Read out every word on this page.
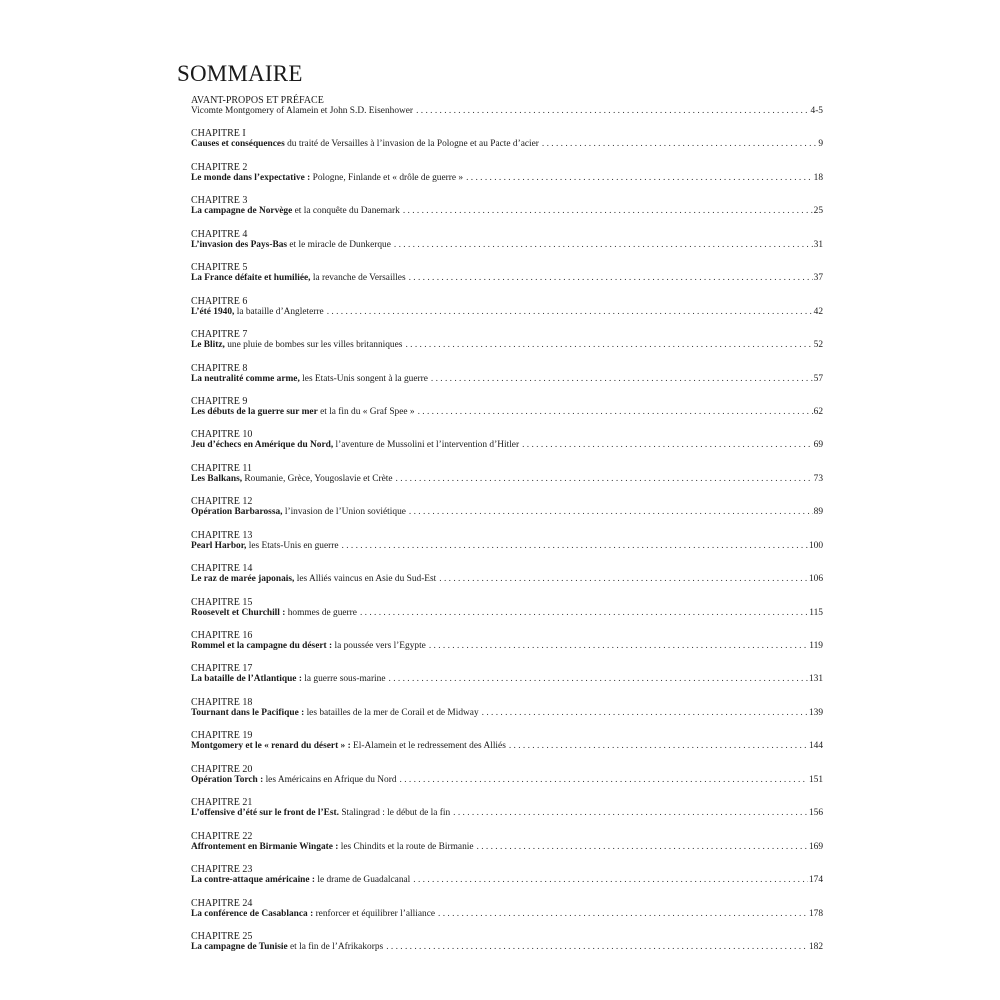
SOMMAIRE
AVANT-PROPOS ET PRÉFACE
Vicomte Montgomery of Alamein et John S.D. Eisenhower . . .	4-5
CHAPITRE I
Causes et conséquences du traité de Versailles à l’invasion de la Pologne et au Pacte d’acier . . .	9
CHAPITRE 2
Le monde dans l’expectative : Pologne, Finlande et « drôle de guerre » . . .	18
CHAPITRE 3
La campagne de Norvège et la conquête du Danemark . . .	25
CHAPITRE 4
L’invasion des Pays-Bas et le miracle de Dunkerque . . .	31
CHAPITRE 5
La France défaite et humiliée, la revanche de Versailles . . .	37
CHAPITRE 6
L’été 1940, la bataille d’Angleterre . . .	42
CHAPITRE 7
Le Blitz, une pluie de bombes sur les villes britanniques . . .	52
CHAPITRE 8
La neutralité comme arme, les États-Unis songent à la guerre . . .	57
CHAPITRE 9
Les débuts de la guerre sur mer et la fin du « Graf Spee » . . .	62
CHAPITRE 10
Jeu d’échecs en Amérique du Nord, l’aventure de Mussolini et l’intervention d’Hitler . . .	69
CHAPITRE 11
Les Balkans, Roumanie, Grèce, Yougoslavie et Crète . . .	73
CHAPITRE 12
Opération Barbarossa, l’invasion de l’Union soviétique . . .	89
CHAPITRE 13
Pearl Harbor, les États-Unis en guerre . . .	100
CHAPITRE 14
Le raz de marée japonais, les Alliés vaincus en Asie du Sud-Est . . .	106
CHAPITRE 15
Roosevelt et Churchill : hommes de guerre . . .	115
CHAPITRE 16
Rommel et la campagne du désert : la poussée vers l’Égypte . . .	119
CHAPITRE 17
La bataille de l’Atlantique : la guerre sous-marine . . .	131
CHAPITRE 18
Tournant dans le Pacifique : les batailles de la mer de Corail et de Midway . . .	139
CHAPITRE 19
Montgomery et le « renard du désert » : El-Alamein et le redressement des Alliés . . .	144
CHAPITRE 20
Opération Torch : les Américains en Afrique du Nord . . .	151
CHAPITRE 21
L’offensive d’été sur le front de l’Est. Stalingrad : le début de la fin . . .	156
CHAPITRE 22
Affrontement en Birmanie Wingate : les Chindits et la route de Birmanie . . .	169
CHAPITRE 23
La contre-attaque américaine : le drame de Guadalcanal . . .	174
CHAPITRE 24
La conférence de Casablanca : renforcer et équilibrer l’alliance . . .	178
CHAPITRE 25
La campagne de Tunisie et la fin de l’Afrikakorps . . .	182
